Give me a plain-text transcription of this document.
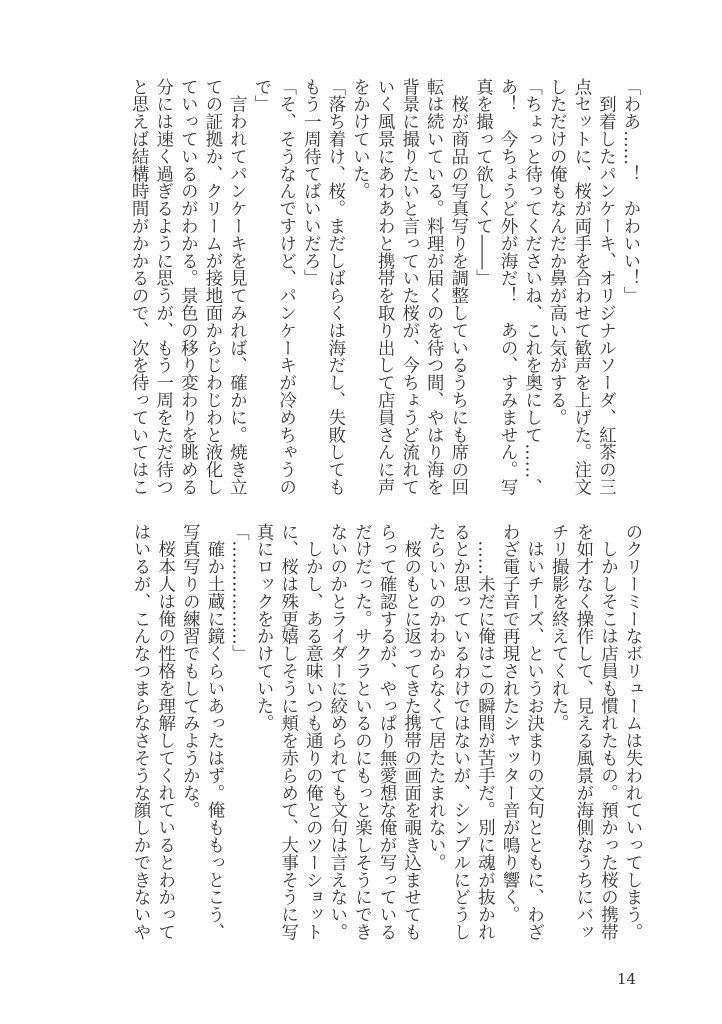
「わあ……！　かわいい！」
　到着したパンケーキ、オリジナルソーダ、紅茶の三
点セットに、桜が両手を合わせて歓声を上げた。注文
しただけの俺もなんだか鼻が高い気がする。
「ちょっと待ってくださいね、これを奥にして……、
あ！　今ちょうど外が海だ！　あの、すみません。写
真を撮って欲しくて――」
　桜が商品の写真写りを調整しているうちにも席の回
転は続いている。料理が届くのを待つ間、やはり海を
背景に撮りたいと言っていた桜が、今ちょうど流れて
いく風景にあわあわと携帯を取り出して店員さんに声
をかけていた。
「落ち着け、桜。まだしばらくは海だし、失敗しても
もう一周待てばいいだろ」
「そ、そうなんですけど、パンケーキが冷めちゃうの
で」
　言われてパンケーキを見てみれば、確かに。焼き立
ての証拠か、クリームが接地面からじわじわと液化し
ていっているのがわかる。景色の移り変わりを眺める
分には速く過ぎるように思うが、もう一周をただ待つ
と思えば結構時間がかかるので、次を待っていてはこ
のクリーミーなボリュームは失われていってしまう。
　しかしそこは店員も慣れたもの。預かった桜の携帯
を如才なく操作して、見える風景が海側なうちにバッ
チリ撮影を終えてくれた。
　はいチーズ、というお決まりの文句とともに、わざ
わざ電子音で再現されたシャッター音が鳴り響く。
　……未だに俺はこの瞬間が苦手だ。別に魂が抜かれ
るとか思っているわけではないが、シンプルにどうし
たらいいのかわからなくて居たたまれない。
　桜のもとに返ってきた携帯の画面を覗き込ませても
らって確認するが、やっぱり無愛想な俺が写っている
だけだった。サクラといるのにもっと楽しそうにでき
ないのかとライダーに絞められても文句は言えない。
　しかし、ある意味いつも通りの俺とのツーショット
に、桜は殊更嬉しそうに頬を赤らめて、大事そうに写
真にロックをかけていた。
「………………」
　確か土蔵に鏡くらいあったはず。俺ももっとこう、
写真写りの練習でもしてみようかな。
　桜本人は俺の性格を理解してくれているとわかって
はいるが、こんなつまらなさそうな顔しかできないや
14
